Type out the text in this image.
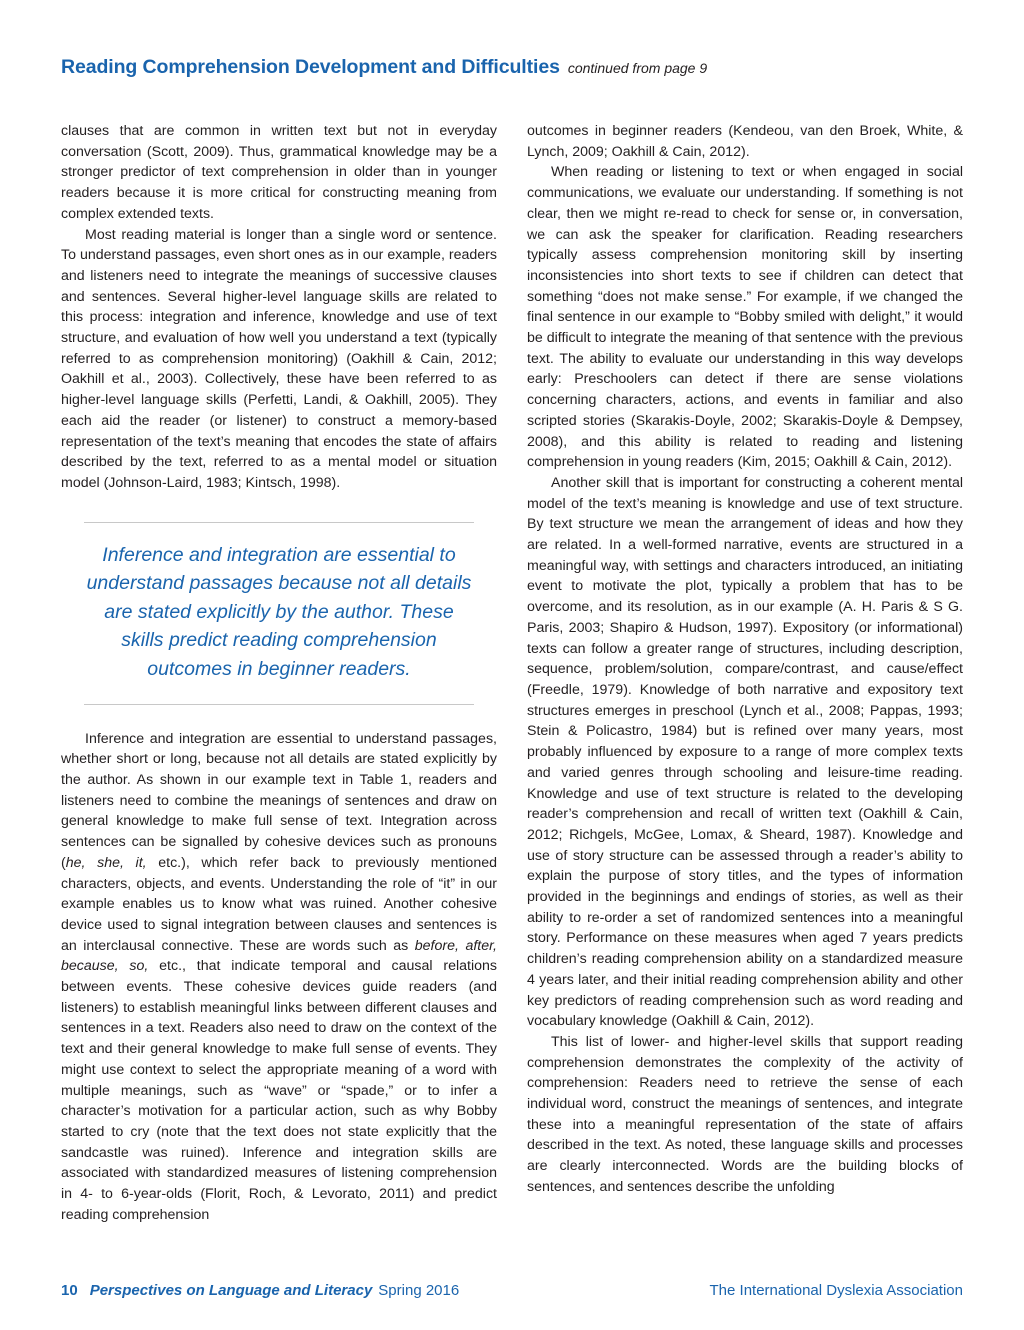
Reading Comprehension Development and Difficulties continued from page 9

clauses that are common in written text but not in everyday conversation (Scott, 2009). Thus, grammatical knowledge may be a stronger predictor of text comprehension in older than in younger readers because it is more critical for constructing meaning from complex extended texts.

Most reading material is longer than a single word or sentence. To understand passages, even short ones as in our example, readers and listeners need to integrate the meanings of successive clauses and sentences. Several higher-level language skills are related to this process: integration and inference, knowledge and use of text structure, and evaluation of how well you understand a text (typically referred to as comprehension monitoring) (Oakhill & Cain, 2012; Oakhill et al., 2003). Collectively, these have been referred to as higher-level language skills (Perfetti, Landi, & Oakhill, 2005). They each aid the reader (or listener) to construct a memory-based representation of the text’s meaning that encodes the state of affairs described by the text, referred to as a mental model or situation model (Johnson-Laird, 1983; Kintsch, 1998).

Inference and integration are essential to understand passages because not all details are stated explicitly by the author. These skills predict reading comprehension outcomes in beginner readers.

Inference and integration are essential to understand passages, whether short or long, because not all details are stated explicitly by the author. As shown in our example text in Table 1, readers and listeners need to combine the meanings of sentences and draw on general knowledge to make full sense of text. Integration across sentences can be signalled by cohesive devices such as pronouns (he, she, it, etc.), which refer back to previously mentioned characters, objects, and events. Understanding the role of “it” in our example enables us to know what was ruined. Another cohesive device used to signal integration between clauses and sentences is an interclausal connective. These are words such as before, after, because, so, etc., that indicate temporal and causal relations between events. These cohesive devices guide readers (and listeners) to establish meaningful links between different clauses and sentences in a text. Readers also need to draw on the context of the text and their general knowledge to make full sense of events. They might use context to select the appropriate meaning of a word with multiple meanings, such as “wave” or “spade,” or to infer a character’s motivation for a particular action, such as why Bobby started to cry (note that the text does not state explicitly that the sandcastle was ruined). Inference and integration skills are associated with standardized measures of listening comprehension in 4- to 6-year-olds (Florit, Roch, & Levorato, 2011) and predict reading comprehension

outcomes in beginner readers (Kendeou, van den Broek, White, & Lynch, 2009; Oakhill & Cain, 2012).

When reading or listening to text or when engaged in social communications, we evaluate our understanding. If something is not clear, then we might re-read to check for sense or, in conversation, we can ask the speaker for clarification. Reading researchers typically assess comprehension monitoring skill by inserting inconsistencies into short texts to see if children can detect that something “does not make sense.” For example, if we changed the final sentence in our example to “Bobby smiled with delight,” it would be difficult to integrate the meaning of that sentence with the previous text. The ability to evaluate our understanding in this way develops early: Preschoolers can detect if there are sense violations concerning characters, actions, and events in familiar and also scripted stories (Skarakis-Doyle, 2002; Skarakis-Doyle & Dempsey, 2008), and this ability is related to reading and listening comprehension in young readers (Kim, 2015; Oakhill & Cain, 2012).

Another skill that is important for constructing a coherent mental model of the text’s meaning is knowledge and use of text structure. By text structure we mean the arrangement of ideas and how they are related. In a well-formed narrative, events are structured in a meaningful way, with settings and characters introduced, an initiating event to motivate the plot, typically a problem that has to be overcome, and its resolution, as in our example (A. H. Paris & S G. Paris, 2003; Shapiro & Hudson, 1997). Expository (or informational) texts can follow a greater range of structures, including description, sequence, problem/solution, compare/contrast, and cause/effect (Freedle, 1979). Knowledge of both narrative and expository text structures emerges in preschool (Lynch et al., 2008; Pappas, 1993; Stein & Policastro, 1984) but is refined over many years, most probably influenced by exposure to a range of more complex texts and varied genres through schooling and leisure-time reading. Knowledge and use of text structure is related to the developing reader’s comprehension and recall of written text (Oakhill & Cain, 2012; Richgels, McGee, Lomax, & Sheard, 1987). Knowledge and use of story structure can be assessed through a reader’s ability to explain the purpose of story titles, and the types of information provided in the beginnings and endings of stories, as well as their ability to re-order a set of randomized sentences into a meaningful story. Performance on these measures when aged 7 years predicts children’s reading comprehension ability on a standardized measure 4 years later, and their initial reading comprehension ability and other key predictors of reading comprehension such as word reading and vocabulary knowledge (Oakhill & Cain, 2012).

This list of lower- and higher-level skills that support reading comprehension demonstrates the complexity of the activity of comprehension: Readers need to retrieve the sense of each individual word, construct the meanings of sentences, and integrate these into a meaningful representation of the state of affairs described in the text. As noted, these language skills and processes are clearly interconnected. Words are the building blocks of sentences, and sentences describe the unfolding

10 Perspectives on Language and Literacy Spring 2016	The International Dyslexia Association
